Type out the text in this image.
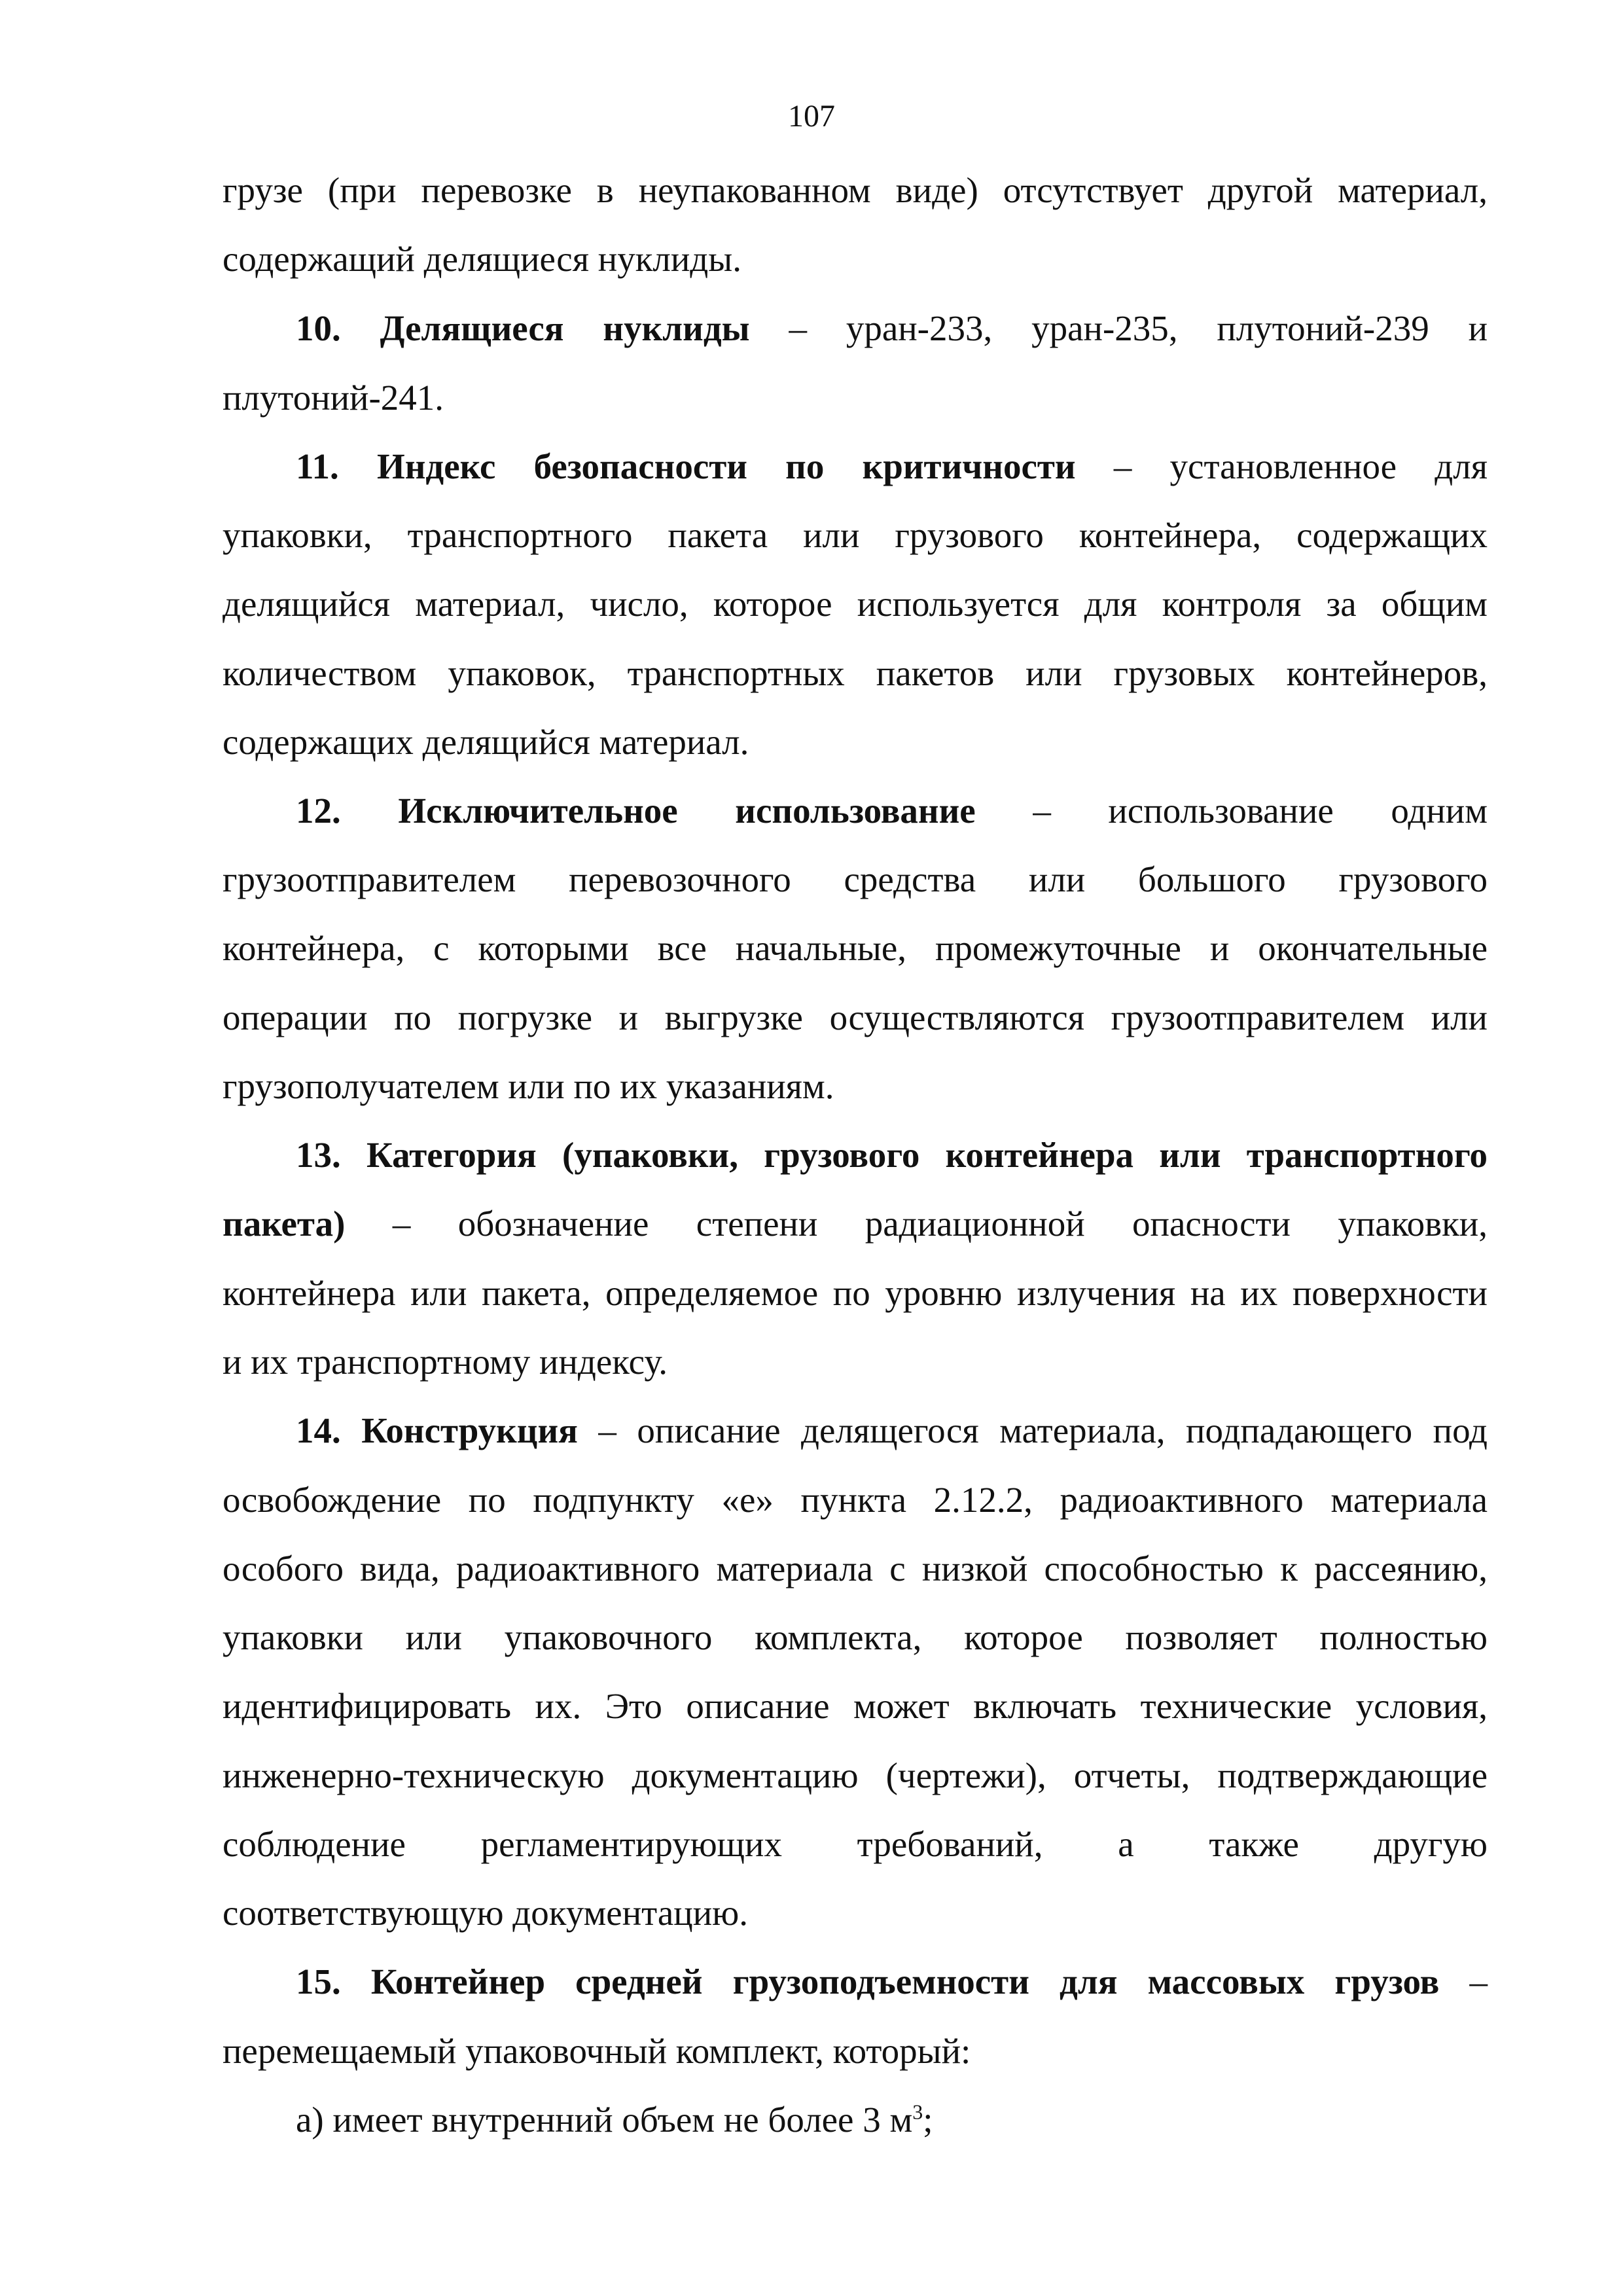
107
грузе (при перевозке в неупакованном виде) отсутствует другой материал,
содержащий делящиеся нуклиды.
10. Делящиеся нуклиды – уран-233, уран-235, плутоний-239 и
плутоний-241.
11. Индекс безопасности по критичности – установленное для
упаковки, транспортного пакета или грузового контейнера, содержащих
делящийся материал, число, которое используется для контроля за общим
количеством упаковок, транспортных пакетов или грузовых контейнеров,
содержащих делящийся материал.
12. Исключительное использование – использование одним
грузоотправителем перевозочного средства или большого грузового
контейнера, с которыми все начальные, промежуточные и окончательные
операции по погрузке и выгрузке осуществляются грузоотправителем или
грузополучателем или по их указаниям.
13. Категория (упаковки, грузового контейнера или транспортного
пакета) – обозначение степени радиационной опасности упаковки,
контейнера или пакета, определяемое по уровню излучения на их поверхности
и их транспортному индексу.
14. Конструкция – описание делящегося материала, подпадающего под
освобождение по подпункту «е» пункта 2.12.2, радиоактивного материала
особого вида, радиоактивного материала с низкой способностью к рассеянию,
упаковки или упаковочного комплекта, которое позволяет полностью
идентифицировать их. Это описание может включать технические условия,
инженерно-техническую документацию (чертежи), отчеты, подтверждающие
соблюдение регламентирующих требований, а также другую
соответствующую документацию.
15. Контейнер средней грузоподъемности для массовых грузов –
перемещаемый упаковочный комплект, который:
а) имеет внутренний объем не более 3 $м^3$;
